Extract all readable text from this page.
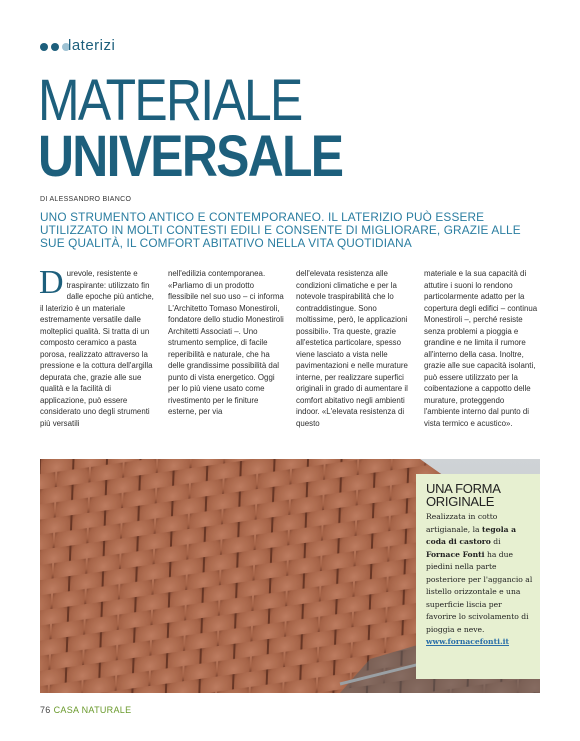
laterizi
MATERIALE
UNIVERSALE
DI ALESSANDRO BIANCO
UNO STRUMENTO ANTICO E CONTEMPORANEO. IL LATERIZIO PUÒ ESSERE UTILIZZATO IN MOLTI CONTESTI EDILI E CONSENTE DI MIGLIORARE, GRAZIE ALLE SUE QUALITÀ, IL COMFORT ABITATIVO NELLA VITA QUOTIDIANA
Durevole, resistente e traspirante: utilizzato fin dalle epoche più antiche, il laterizio è un materiale estremamente versatile dalle molteplici qualità. Si tratta di un composto ceramico a pasta porosa, realizzato attraverso la pressione e la cottura dell'argilla depurata che, grazie alle sue qualità e la facilità di applicazione, può essere considerato uno degli strumenti più versatili
nell'edilizia contemporanea. «Parliamo di un prodotto flessibile nel suo uso – ci informa L'Architetto Tomaso Monestiroli, fondatore dello studio Monestiroli Architetti Associati –. Uno strumento semplice, di facile reperibilità e naturale, che ha delle grandissime possibilità dal punto di vista energetico. Oggi per lo più viene usato come rivestimento per le finiture esterne, per via
dell'elevata resistenza alle condizioni climatiche e per la notevole traspirabilità che lo contraddistingue. Sono moltissime, però, le applicazioni possibili». Tra queste, grazie all'estetica particolare, spesso viene lasciato a vista nelle pavimentazioni e nelle murature interne, per realizzare superfici originali in grado di aumentare il comfort abitativo negli ambienti indoor. «L'elevata resistenza di questo
materiale e la sua capacità di attutire i suoni lo rendono particolarmente adatto per la copertura degli edifici – continua Monestiroli –, perché resiste senza problemi a pioggia e grandine e ne limita il rumore all'interno della casa. Inoltre, grazie alle sue capacità isolanti, può essere utilizzato per la coibentazione a cappotto delle murature, proteggendo l'ambiente interno dal punto di vista termico e acustico».
UNA FORMA ORIGINALE
Realizzata in cotto artigianale, la tegola a coda di castoro di Fornace Fonti ha due piedini nella parte posteriore per l'aggancio al listello orizzontale e una superficie liscia per favorire lo scivolamento di pioggia e neve.
www.fornacefonti.it
76 CASA NATURALE
